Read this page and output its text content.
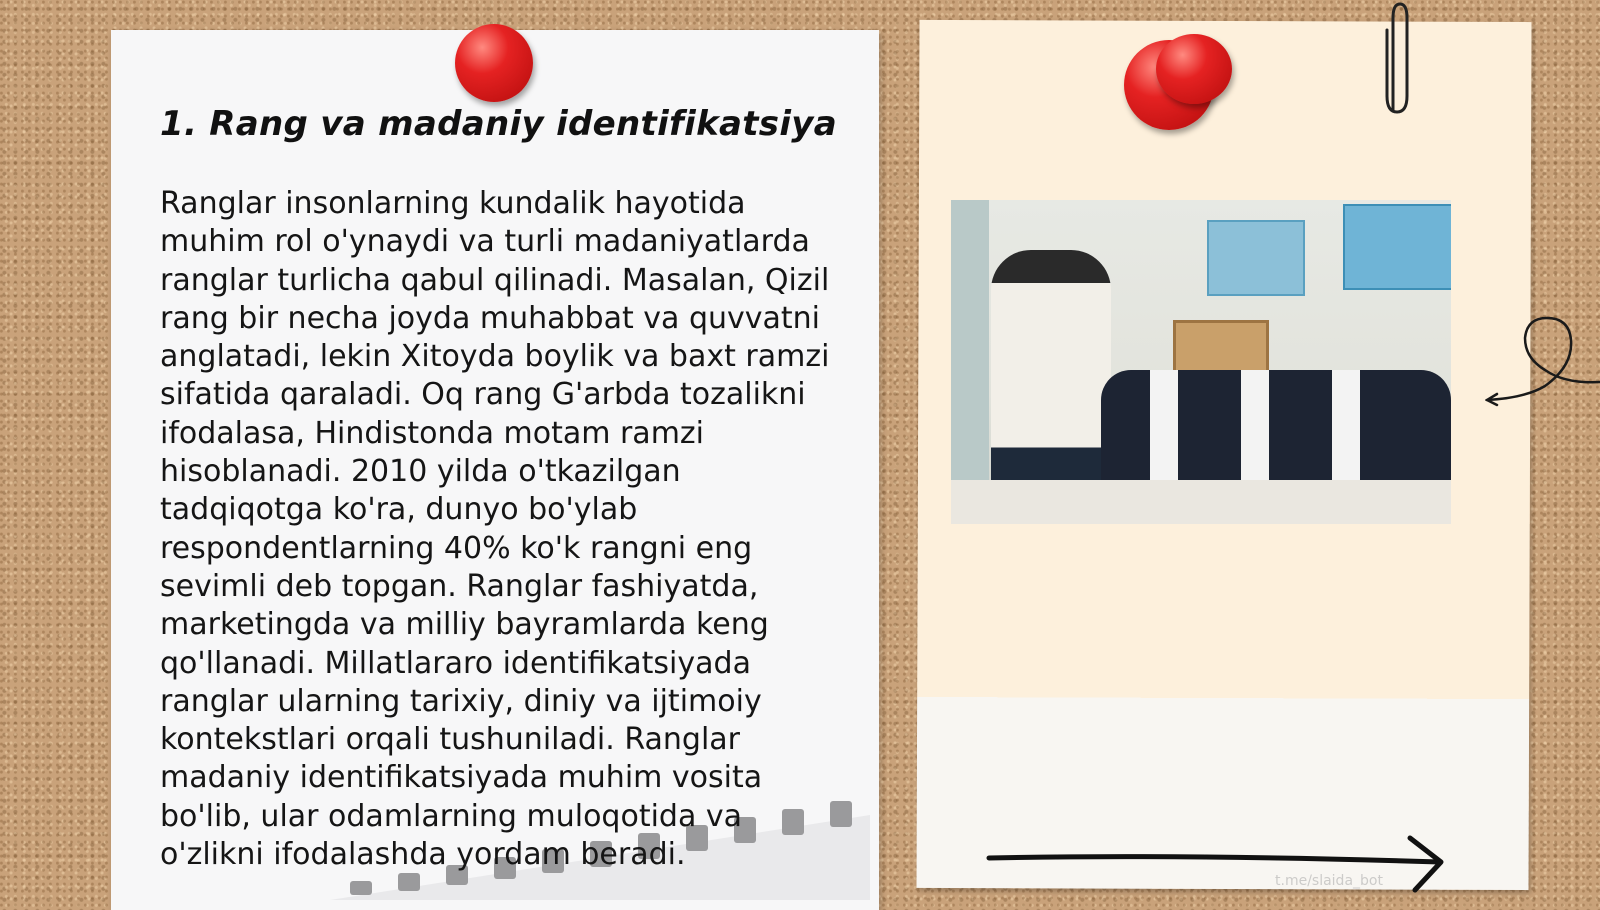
1. Rang va madaniy identifikatsiya

Ranglar insonlarning kundalik hayotida muhim rol o'ynaydi va turli madaniyatlarda ranglar turlicha qabul qilinadi. Masalan, Qizil rang bir necha joyda muhabbat va quvvatni anglatadi, lekin Xitoyda boylik va baxt ramzi sifatida qaraladi. Oq rang G'arbda tozalikni ifodalasa, Hindistonda motam ramzi hisoblanadi. 2010 yilda o'tkazilgan tadqiqotga ko'ra, dunyo bo'ylab respondentlarning 40% ko'k rangni eng sevimli deb topgan. Ranglar fashiyatda, marketingda va milliy bayramlarda keng qo'llanadi. Millatlararo identifikatsiyada ranglar ularning tarixiy, diniy va ijtimoiy kontekstlari orqali tushuniladi. Ranglar madaniy identifikatsiyada muhim vosita bo'lib, ular odamlarning muloqotida va o'zlikni ifodalashda yordam beradi.

t.me/slaida_bot
